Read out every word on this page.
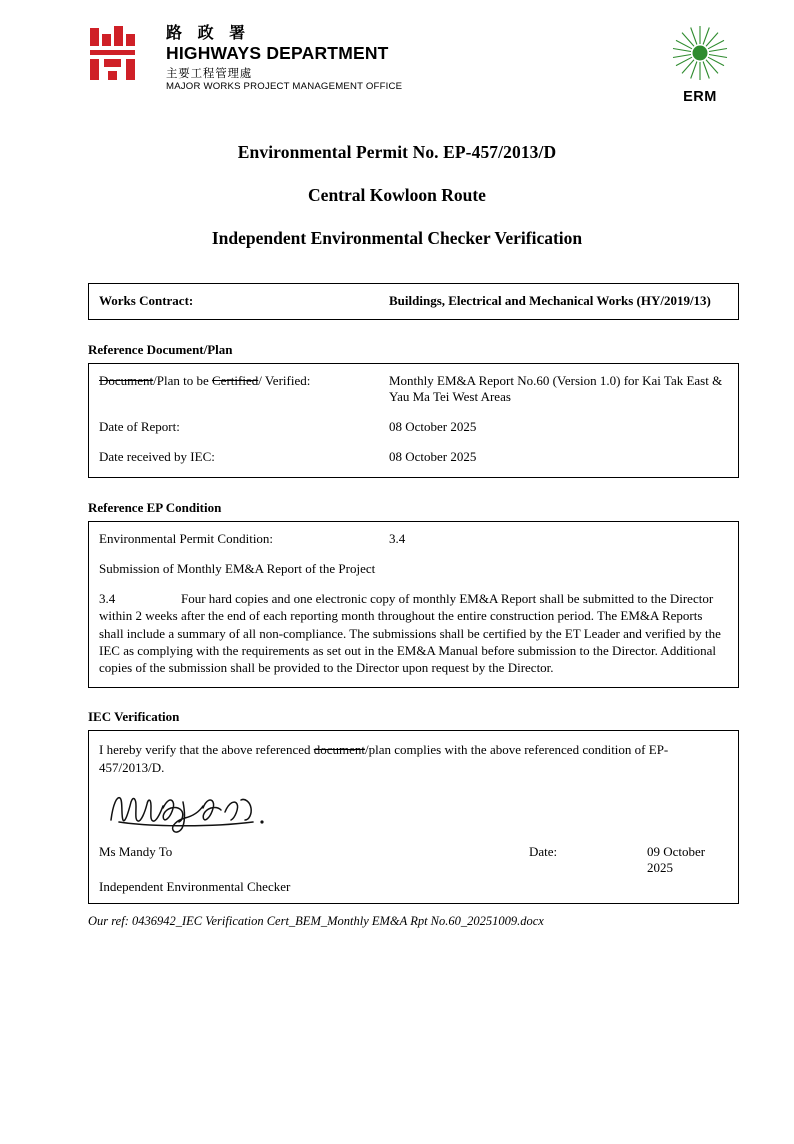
路 政 署
HIGHWAYS DEPARTMENT
主要工程管理處
MAJOR WORKS PROJECT MANAGEMENT OFFICE
ERM
Environmental Permit No. EP-457/2013/D
Central Kowloon Route
Independent Environmental Checker Verification
Works Contract:	Buildings, Electrical and Mechanical Works (HY/2019/13)
Reference Document/Plan
Document/Plan to be Certified/ Verified:	Monthly EM&A Report No.60 (Version 1.0) for Kai Tak East & Yau Ma Tei West Areas
Date of Report:	08 October 2025
Date received by IEC:	08 October 2025
Reference EP Condition
Environmental Permit Condition:	3.4
Submission of Monthly EM&A Report of the Project
3.4	Four hard copies and one electronic copy of monthly EM&A Report shall be submitted to the Director within 2 weeks after the end of each reporting month throughout the entire construction period. The EM&A Reports shall include a summary of all non-compliance. The submissions shall be certified by the ET Leader and verified by the IEC as complying with the requirements as set out in the EM&A Manual before submission to the Director. Additional copies of the submission shall be provided to the Director upon request by the Director.
IEC Verification
I hereby verify that the above referenced document/plan complies with the above referenced condition of EP-457/2013/D.
Ms Mandy To	Date:	09 October 2025
Independent Environmental Checker
Our ref: 0436942_IEC Verification Cert_BEM_Monthly EM&A Rpt No.60_20251009.docx
